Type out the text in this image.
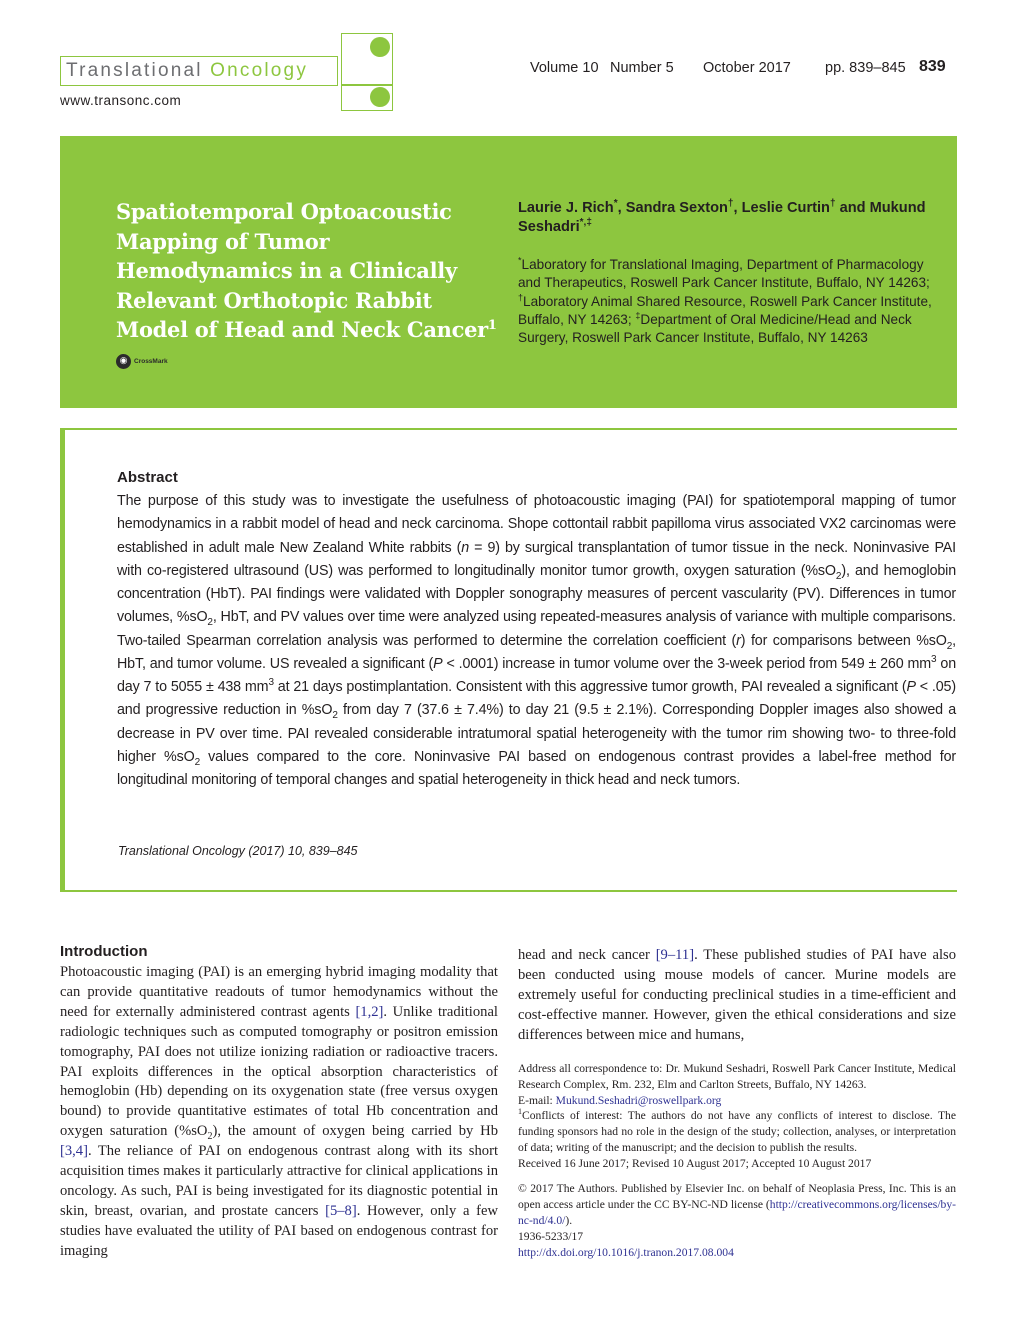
Translational Oncology
www.transonc.com
Volume 10 Number 5 October 2017 pp. 839–845 839
Spatiotemporal Optoacoustic Mapping of Tumor Hemodynamics in a Clinically Relevant Orthotopic Rabbit Model of Head and Neck Cancer$^1$
◉	CrossMark
Laurie J. Rich*, Sandra Sexton†, Leslie Curtin† and Mukund Seshadri*,‡
*Laboratory for Translational Imaging, Department of Pharmacology and Therapeutics, Roswell Park Cancer Institute, Buffalo, NY 14263; †Laboratory Animal Shared Resource, Roswell Park Cancer Institute, Buffalo, NY 14263; ‡Department of Oral Medicine/Head and Neck Surgery, Roswell Park Cancer Institute, Buffalo, NY 14263
Abstract
The purpose of this study was to investigate the usefulness of photoacoustic imaging (PAI) for spatiotemporal mapping of tumor hemodynamics in a rabbit model of head and neck carcinoma. Shope cottontail rabbit papilloma virus associated VX2 carcinomas were established in adult male New Zealand White rabbits (n = 9) by surgical transplantation of tumor tissue in the neck. Noninvasive PAI with co-registered ultrasound (US) was performed to longitudinally monitor tumor growth, oxygen saturation $(\%sO_2)$, and hemoglobin concentration (HbT). PAI findings were validated with Doppler sonography measures of percent vascularity (PV). Differences in tumor volumes, $\%sO_2$, HbT, and PV values over time were analyzed using repeated-measures analysis of variance with multiple comparisons. Two-tailed Spearman correlation analysis was performed to determine the correlation coefficient (r) for comparisons between $\%sO_2$, HbT, and tumor volume. US revealed a significant (P < .0001) increase in tumor volume over the 3-week period from 549 ± 260 $mm^3$ on day 7 to 5055 ± 438 $mm^3$ at 21 days postimplantation. Consistent with this aggressive tumor growth, PAI revealed a significant (P < .05) and progressive reduction in $\%sO_2$ from day 7 (37.6 ± 7.4%) to day 21 (9.5 ± 2.1%). Corresponding Doppler images also showed a decrease in PV over time. PAI revealed considerable intratumoral spatial heterogeneity with the tumor rim showing two- to three-fold higher $\%sO_2$ values compared to the core. Noninvasive PAI based on endogenous contrast provides a label-free method for longitudinal monitoring of temporal changes and spatial heterogeneity in thick head and neck tumors.
Translational Oncology (2017) 10, 839–845
Introduction
Photoacoustic imaging (PAI) is an emerging hybrid imaging modality that can provide quantitative readouts of tumor hemodynamics without the need for externally administered contrast agents [1,2]. Unlike traditional radiologic techniques such as computed tomography or positron emission tomography, PAI does not utilize ionizing radiation or radioactive tracers. PAI exploits differences in the optical absorption characteristics of hemoglobin (Hb) depending on its oxygenation state (free versus oxygen bound) to provide quantitative estimates of total Hb concentration and oxygen saturation $(\%sO_2)$, the amount of oxygen being carried by Hb [3,4]. The reliance of PAI on endogenous contrast along with its short acquisition times makes it particularly attractive for clinical applications in oncology. As such, PAI is being investigated for its diagnostic potential in skin, breast, ovarian, and prostate cancers [5–8]. However, only a few studies have evaluated the utility of PAI based on endogenous contrast for imaging
head and neck cancer [9–11]. These published studies of PAI have also been conducted using mouse models of cancer. Murine models are extremely useful for conducting preclinical studies in a time-efficient and cost-effective manner. However, given the ethical considerations and size differences between mice and humans,
Address all correspondence to: Dr. Mukund Seshadri, Roswell Park Cancer Institute, Medical Research Complex, Rm. 232, Elm and Carlton Streets, Buffalo, NY 14263.
E-mail: Mukund.Seshadri@roswellpark.org
$^1$Conflicts of interest: The authors do not have any conflicts of interest to disclose. The funding sponsors had no role in the design of the study; collection, analyses, or interpretation of data; writing of the manuscript; and the decision to publish the results.
Received 16 June 2017; Revised 10 August 2017; Accepted 10 August 2017
© 2017 The Authors. Published by Elsevier Inc. on behalf of Neoplasia Press, Inc. This is an open access article under the CC BY-NC-ND license (http://creativecommons.org/licenses/by-nc-nd/4.0/).
1936-5233/17
http://dx.doi.org/10.1016/j.tranon.2017.08.004
